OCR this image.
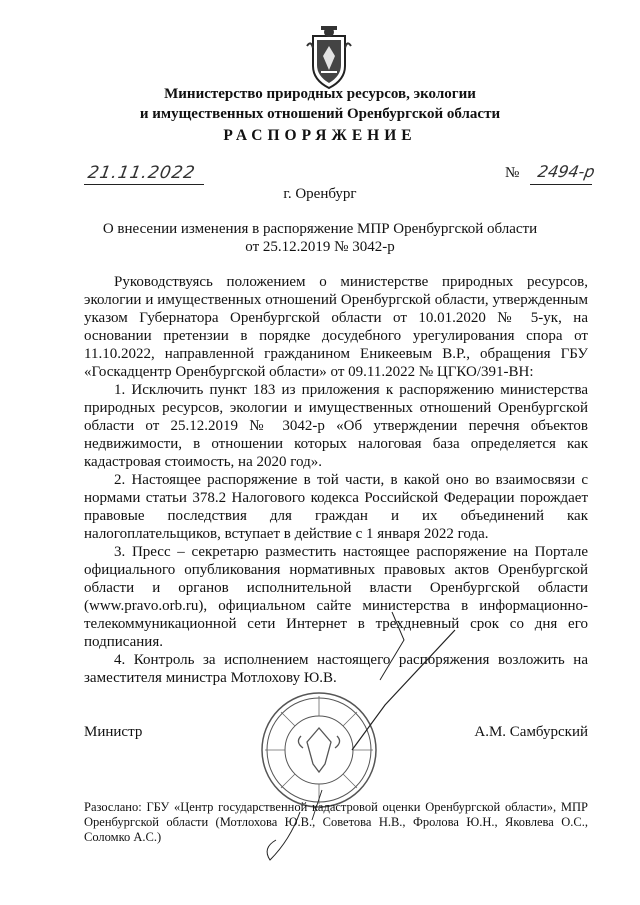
Министерство природных ресурсов, экологии
и имущественных отношений Оренбургской области
РАСПОРЯЖЕНИЕ
21.11.2022	№ 2494-р
г. Оренбург
О внесении изменения в распоряжение МПР Оренбургской области
от 25.12.2019 № 3042-р

Руководствуясь положением о министерстве природных ресурсов, экологии и имущественных отношений Оренбургской области, утвержденным указом Губернатора Оренбургской области от 10.01.2020 № 5-ук, на основании претензии в порядке досудебного урегулирования спора от 11.10.2022, направленной гражданином Еникеевым В.Р., обращения ГБУ «Госкадцентр Оренбургской области» от 09.11.2022 № ЦГКО/391-ВН:

1. Исключить пункт 183 из приложения к распоряжению министерства природных ресурсов, экологии и имущественных отношений Оренбургской области от 25.12.2019 № 3042-р «Об утверждении перечня объектов недвижимости, в отношении которых налоговая база определяется как кадастровая стоимость, на 2020 год».

2. Настоящее распоряжение в той части, в какой оно во взаимосвязи с нормами статьи 378.2 Налогового кодекса Российской Федерации порождает правовые последствия для граждан и их объединений как налогоплательщиков, вступает в действие с 1 января 2022 года.

3. Пресс – секретарю разместить настоящее распоряжение на Портале официального опубликования нормативных правовых актов Оренбургской области и органов исполнительной власти Оренбургской области (www.pravo.orb.ru), официальном сайте министерства в информационно-телекоммуникационной сети Интернет в трехдневный срок со дня его подписания.

4. Контроль за исполнением настоящего распоряжения возложить на заместителя министра Мотлохову Ю.В.

Министр	А.М. Самбурский
Разослано: ГБУ «Центр государственной кадастровой оценки Оренбургской области», МПР Оренбургской области (Мотлохова Ю.В., Советова Н.В., Фролова Ю.Н., Яковлева О.С., Соломко А.С.)
